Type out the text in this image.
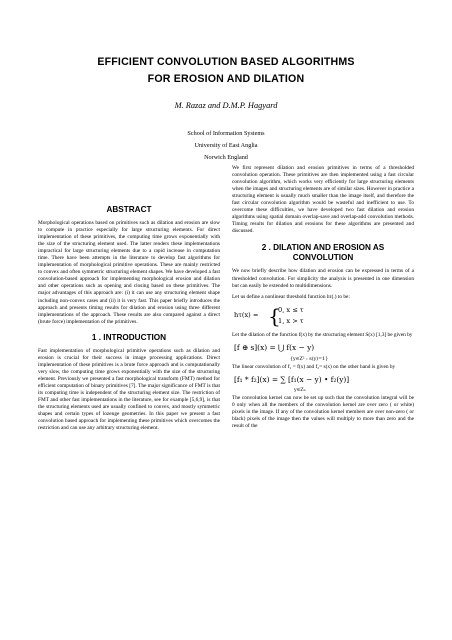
EFFICIENT CONVOLUTION BASED ALGORITHMS
FOR EROSION AND DILATION
M. Razaz and D.M.P. Hagyard
School of Information Systems
University of East Anglia
Norwich England
ABSTRACT

Morphological operations based on primitives such as dilation and erosion are slow to compute in practice especially for large structuring elements. For direct implementation of these primitives, the computing time grows exponentially with the size of the structuring element used. The latter renders these implementations impractical for large structuring elements due to a rapid increase in computation time. There have been attempts in the literature to develop fast algorithms for implementation of morphological primitive operations. These are mainly restricted to convex and often symmetric structuring element shapes. We have developed a fast convolution-based approach for implementing morphological erosion and dilation and other operations such as opening and closing based on these primitives. The major advantages of this approach are: (i) it can use any structuring element shape including non-convex cases and (ii) it is very fast. This paper briefly introduces the approach and presents timing results for dilation and erosion using three different implementations of the approach. These results are also compared against a direct (brute force) implementation of the primitives.

1 . INTRODUCTION

Fast implementation of morphological primitive operations such as dilation and erosion is crucial for their success in image processing applications. Direct implementation of these primitives is a brute force approach and is computationally very slow, the computing time grows exponentially with the size of the structuring element. Previously we presented a fast morphological transform (FMT) method for efficient computation of binary primitives [7]. The major significance of FMT is that its computing time is independent of the structuring element size. The restriction of FMT and other fast implementations in the literature, see for example [5,6,9], is that the structuring elements used are usually confined to convex, and mostly symmetric shapes and certain types of lozenge geometries. In this paper we present a fast convolution based approach for implementing these primitives which overcomes the restriction and can use any arbitrary structuring element.

We first represent dilation and erosion primitives in terms of a thresholded convolution operation. These primitives are then implemented using a fast circular convolution algorithm, which works very efficiently for large structuring elements when the images and structuring elements are of similar sizes. However in practice a structuring element is usually much smaller than the image itself, and therefore the fast circular convolution algorithm would be wasteful and inefficient to use. To overcome these difficulties, we have developed two fast dilation and erosion algorithms using spatial domain overlap-save and overlap-add convolution methods. Timing results for dilation and erosions for these algorithms are presented and discussed.

2 . DILATION AND EROSION AS CONVOLUTION

We now briefly describe how dilation and erosion can be expressed in terms of a thresholded convolution. For simplicity the analysis is presented in one dimension but can easily be extended to multidimensions.

Let us define a nonlinear threshold function hτ(.) to be:

hτ(x) = {
0, x ≤ τ
1, x > τ

Let the dilation of the function f(x) by the structuring element S(x) [1,3] be given by

[f ⊕ s](x) = ⋃ f(x − y)
{y∈Z² : s(y)=1}

The linear convolution of f₁ = f(x) and f₂= s(x) on the other hand is given by

[f₁ * f₂](x) = ∑ [f₁(x − y) • f₂(y)]
y∈Zₙ

The convolution kernel can now be set up such that the convolution integral will be 0 only when all the members of the convolution kernel are over zero ( or white) pixels in the image. If any of the convolution kernel members are over non-zero ( or black) pixels of the image then the values will multiply to more than zero and the result of the
